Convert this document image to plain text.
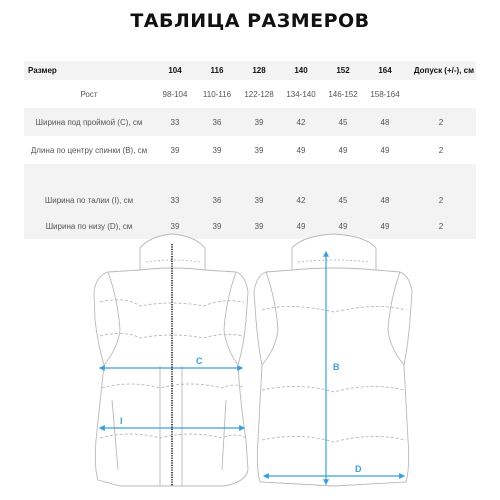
ТАБЛИЦА РАЗМЕРОВ
Размер	104	116	128	140	152	164	Допуск (+/-), см
Рост	98-104	110-116	122-128	134-140	146-152	158-164
Ширина под проймой (С), см	33	36	39	42	45	48	2
Длина по центру спинки (В), см	39	39	39	49	49	49	2
Ширина по талии (I), см	33	36	39	42	45	48	2
Ширина по низу (D), см	39	39	39	49	49	49	2
C
I
B
D
